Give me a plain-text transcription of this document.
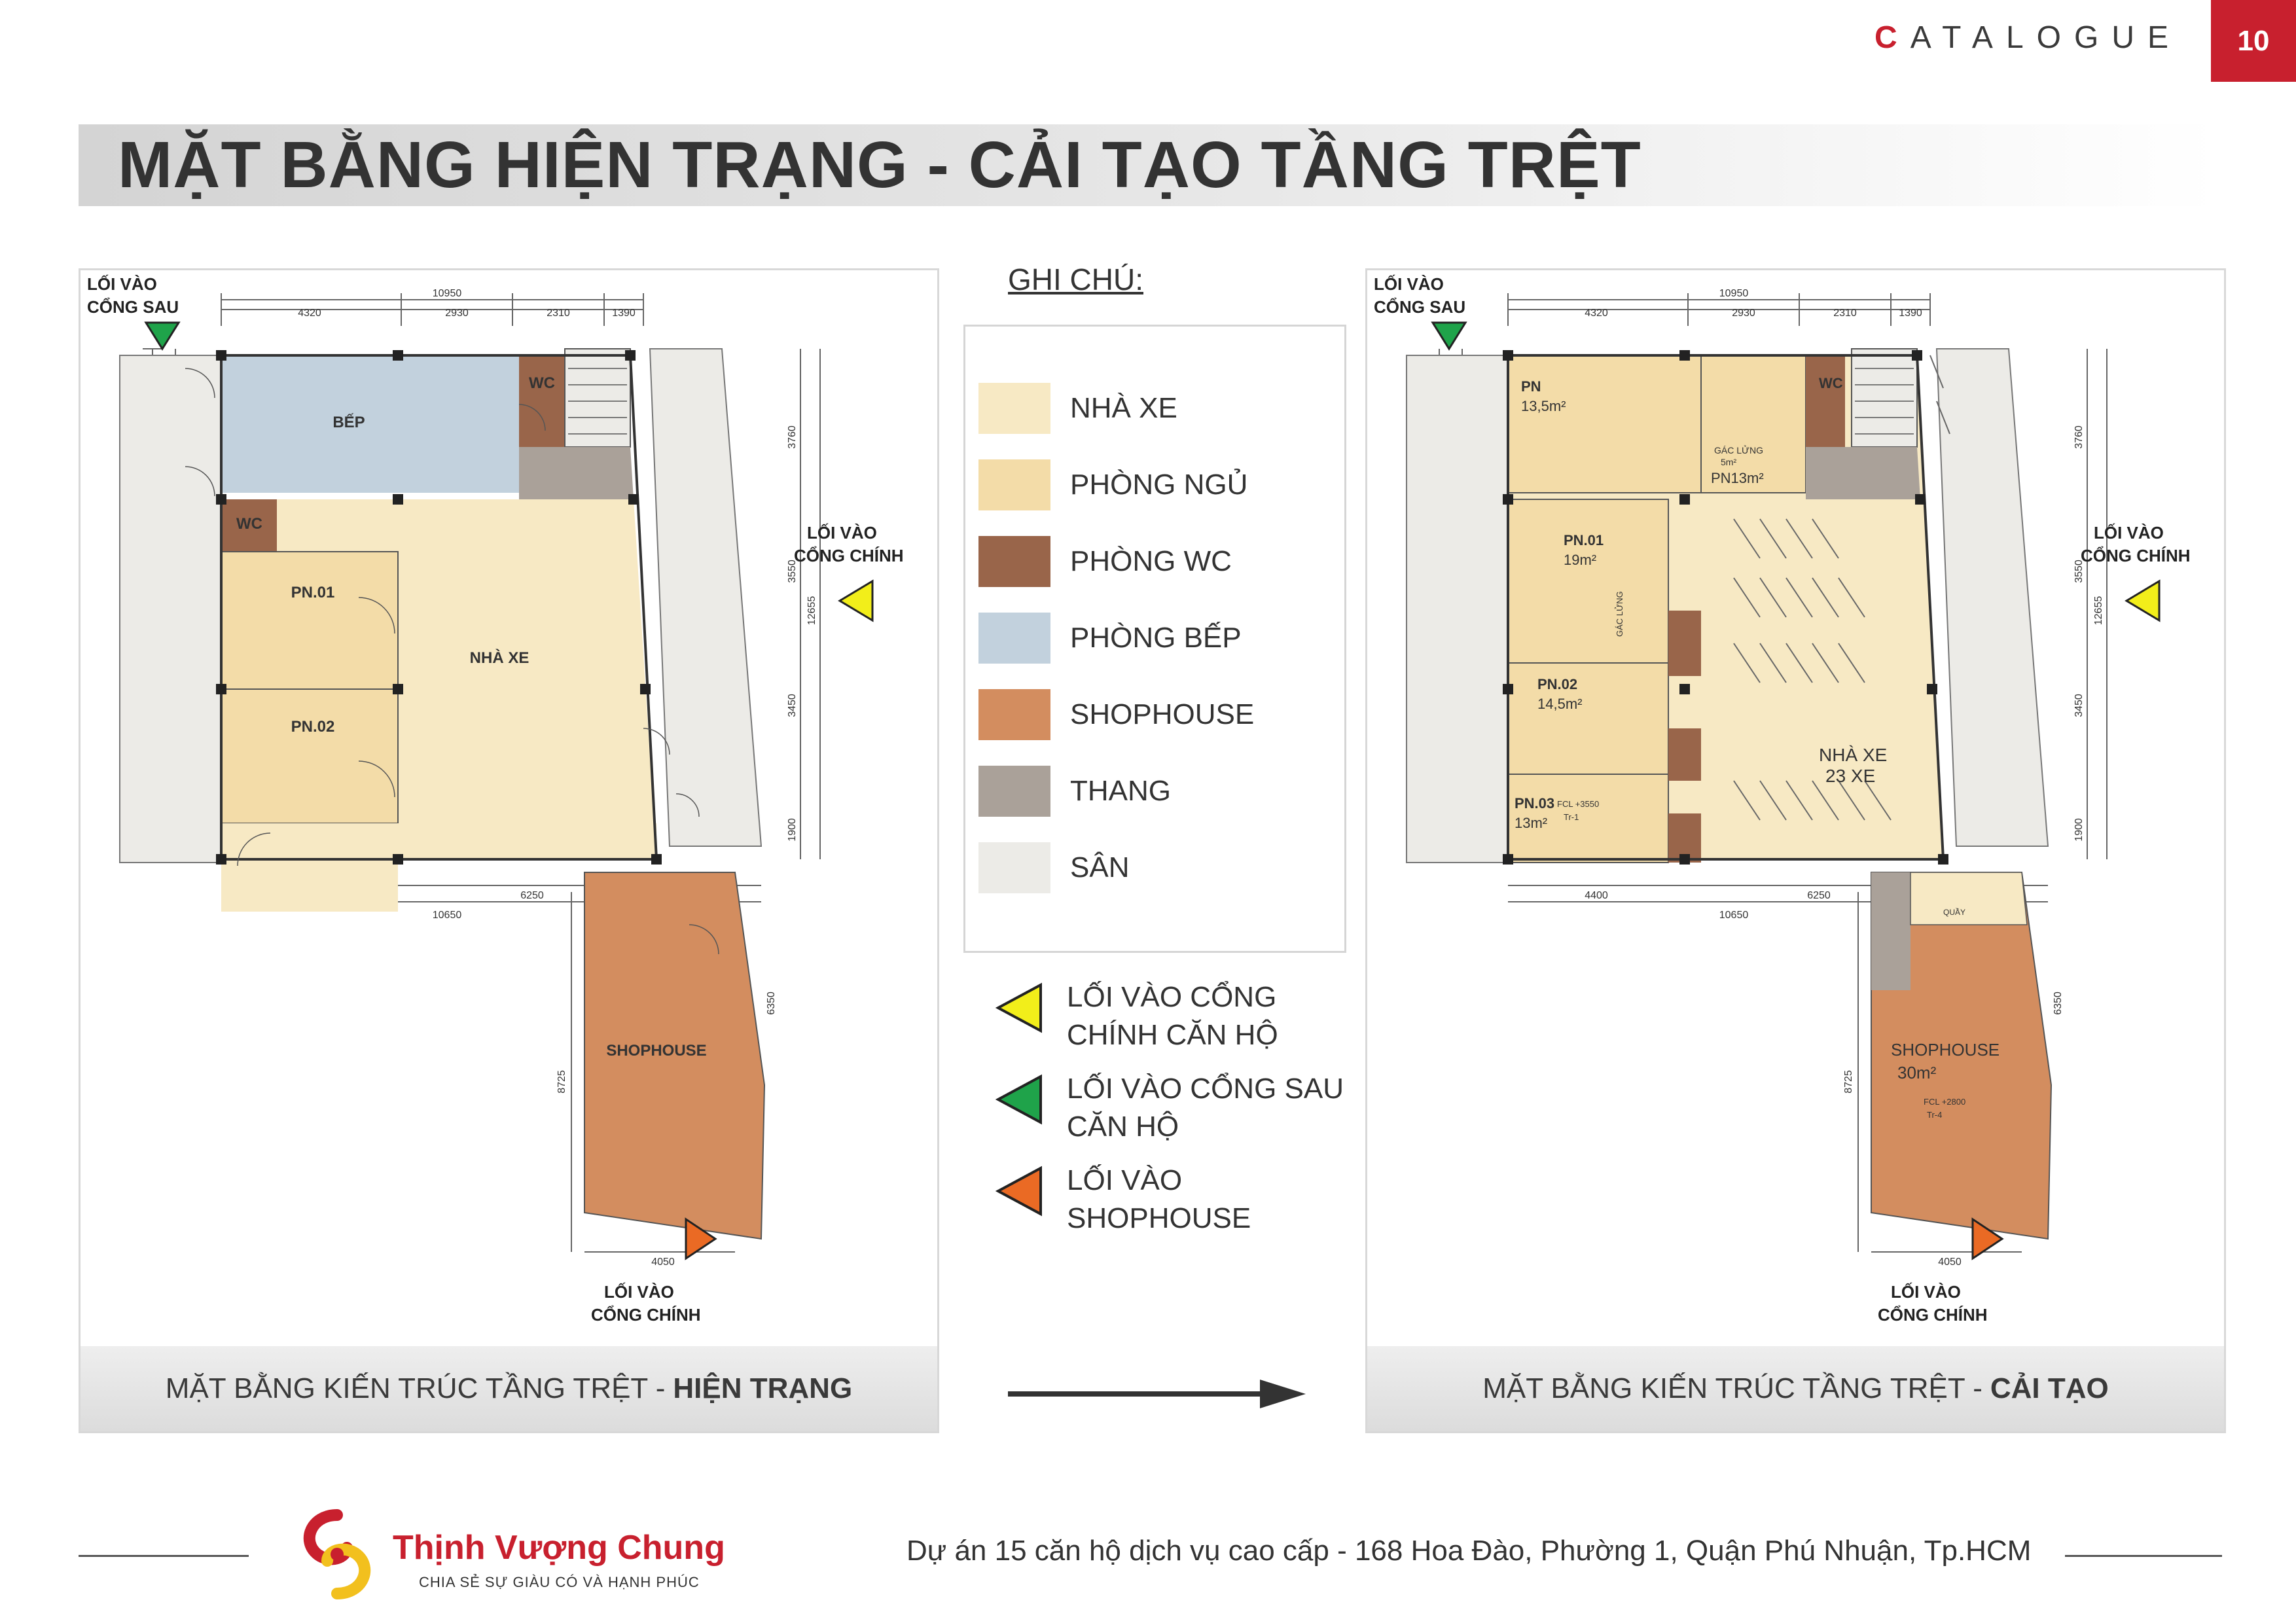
CATALOGUE	10
MẶT BẰNG HIỆN TRẠNG - CẢI TẠO TẦNG TRỆT
10950
4320	2930	2310	1390
3760
3550
12655
3450
1900
6250
10650
8725
6350
4050
BẾP
WC
WC
PN.01
PN.02
NHÀ XE
SHOPHOUSE
LỐI VÀO
CỔNG SAU
LỐI VÀO
CỔNG CHÍNH
LỐI VÀO
CỔNG CHÍNH
MẶT BẰNG KIẾN TRÚC TẦNG TRỆT - HIỆN TRẠNG
GHI CHÚ:
NHÀ XE
PHÒNG NGỦ
PHÒNG WC
PHÒNG BẾP
SHOPHOUSE
THANG
SÂN
LỐI VÀO CỔNG CHÍNH CĂN HỘ
LỐI VÀO CỔNG SAU CĂN HỘ
LỐI VÀO SHOPHOUSE
10950
4320	2930	2310	1390
3760
3550
12655
3450
1900
4400	6250
10650
8725
6350
4050
PN
13,5m²
GÁC LỬNG
5m²
PN13m²
WC
PN.01
19m²
PN.02
14,5m²
PN.03
13m²
GÁC LỬNG
FCL +3550
Tr-1
NHÀ XE
23 XE
QUẦY
SHOPHOUSE
30m²
FCL +2800
Tr-4
LỐI VÀO
CỔNG SAU
LỐI VÀO
CỔNG CHÍNH
LỐI VÀO
CỔNG CHÍNH
MẶT BẰNG KIẾN TRÚC TẦNG TRỆT - CẢI TẠO
Thịnh Vượng Chung
CHIA SẺ SỰ GIÀU CÓ VÀ HẠNH PHÚC
Dự án 15 căn hộ dịch vụ cao cấp - 168 Hoa Đào, Phường 1, Quận Phú Nhuận, Tp.HCM
